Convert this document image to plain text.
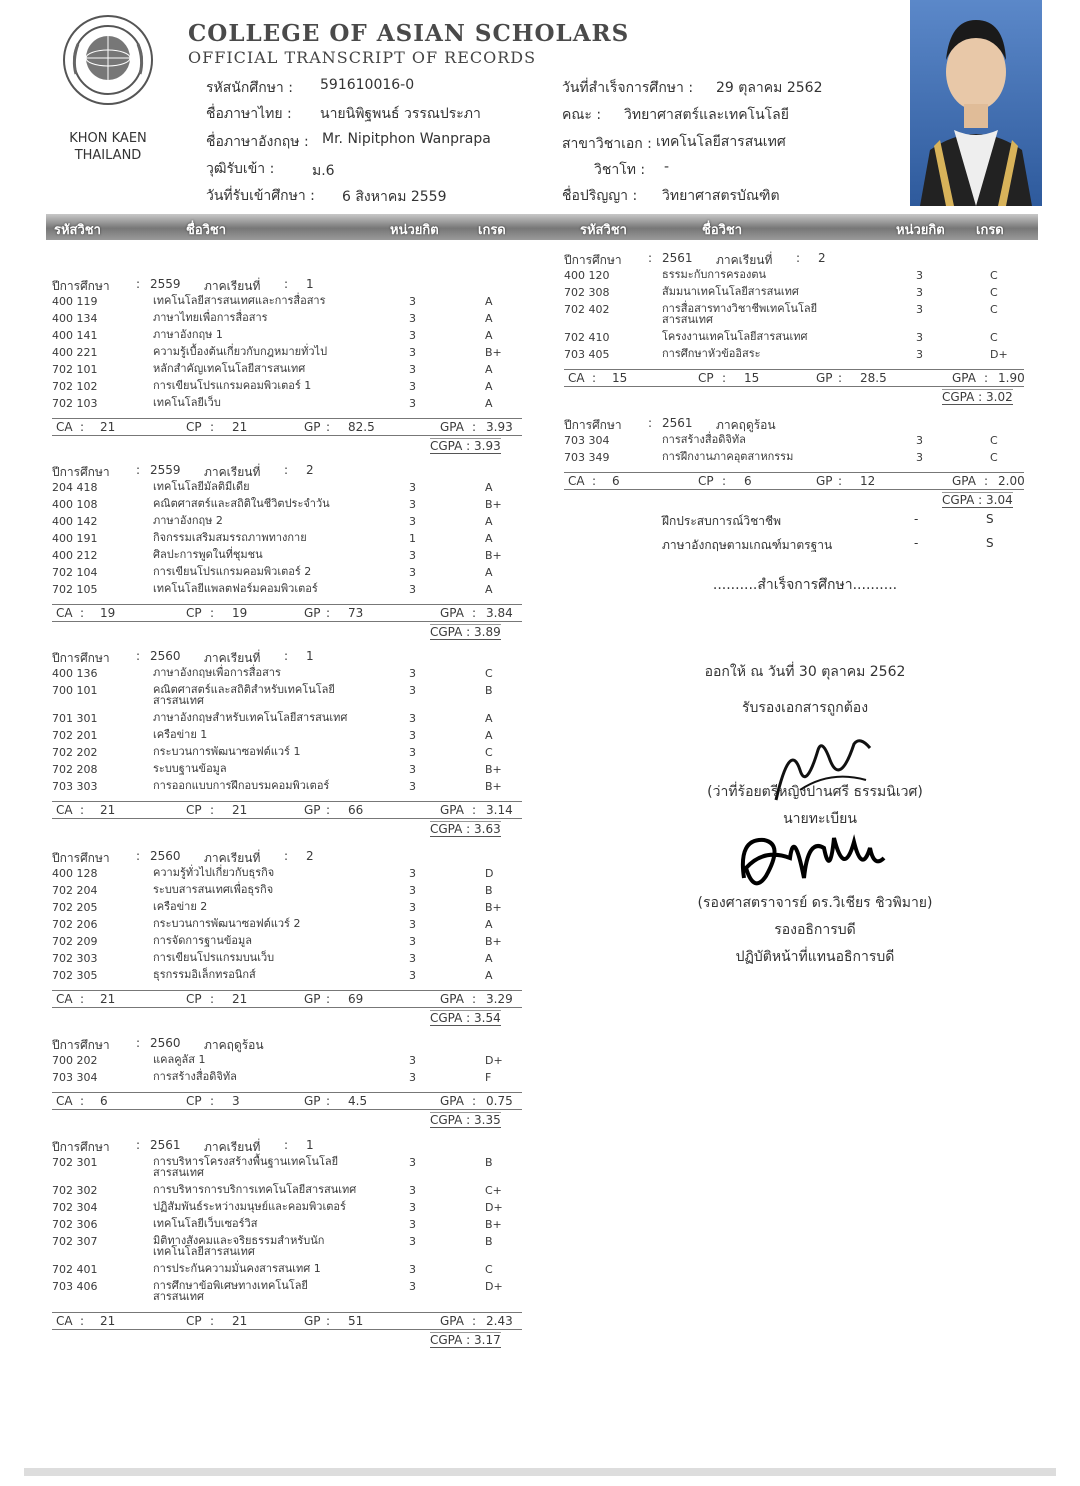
KHON KAEN
THAILAND
COLLEGE OF ASIAN SCHOLARS
OFFICIAL TRANSCRIPT OF RECORDS
รหัสนักศึกษา : 591610016-0
ชื่อภาษาไทย : นายนิพิฐพนธ์ วรรณประภา
ชื่อภาษาอังกฤษ : Mr. Nipitphon Wanprapa
วุฒิรับเข้า :	ม.6
วันที่รับเข้าศึกษา : 6 สิงหาคม 2559
วันที่สำเร็จการศึกษา : 29 ตุลาคม 2562
คณะ : วิทยาศาสตร์และเทคโนโลยี
สาขาวิชาเอก : เทคโนโลยีสารสนเทศ
วิชาโท : -
ชื่อปริญญา : วิทยาศาสตรบัณฑิต
รหัสวิชา	ชื่อวิชา	หน่วยกิต	เกรด	รหัสวิชา	ชื่อวิชา	หน่วยกิต เกรด
ปีการศึกษา : 2559 ภาคเรียนที่ : 1
400 119	เทคโนโลยีสารสนเทศและการสื่อสาร	3	A
400 134	ภาษาไทยเพื่อการสื่อสาร	3	A
400 141	ภาษาอังกฤษ 1	3	A
400 221	ความรู้เบื้องต้นเกี่ยวกับกฎหมายทั่วไป	3	B+
702 101	หลักสำคัญเทคโนโลยีสารสนเทศ	3	A
702 102	การเขียนโปรแกรมคอมพิวเตอร์ 1	3	A
702 103	เทคโนโลยีเว็บ	3	A
CA : 21	CP : 21	GP : 82.5	GPA : 3.93
CGPA : 3.93
ปีการศึกษา : 2559 ภาคเรียนที่ : 2
204 418	เทคโนโลยีมัลติมีเดีย	3	A
400 108	คณิตศาสตร์และสถิติในชีวิตประจำวัน	3	B+
400 142	ภาษาอังกฤษ 2	3	A
400 191	กิจกรรมเสริมสมรรถภาพทางกาย	1	A
400 212	ศิลปะการพูดในที่ชุมชน	3	B+
702 104	การเขียนโปรแกรมคอมพิวเตอร์ 2	3	A
702 105	เทคโนโลยีแพลตฟอร์มคอมพิวเตอร์	3	A
CA : 19	CP : 19	GP : 73	GPA : 3.84
CGPA : 3.89
ปีการศึกษา : 2560 ภาคเรียนที่ : 1
400 136	ภาษาอังกฤษเพื่อการสื่อสาร	3	C
700 101	คณิตศาสตร์และสถิติสำหรับเทคโนโลยี	3	B
สารสนเทศ
701 301	ภาษาอังกฤษสำหรับเทคโนโลยีสารสนเทศ	3	A
702 201	เครือข่าย 1	3	A
702 202	กระบวนการพัฒนาซอฟต์แวร์ 1	3	C
702 208	ระบบฐานข้อมูล	3	B+
703 303	การออกแบบการฝึกอบรมคอมพิวเตอร์	3	B+
CA : 21	CP : 21	GP : 66	GPA : 3.14
CGPA : 3.63
ปีการศึกษา : 2560 ภาคเรียนที่ : 2
400 128	ความรู้ทั่วไปเกี่ยวกับธุรกิจ	3	D
702 204	ระบบสารสนเทศเพื่อธุรกิจ	3	B
702 205	เครือข่าย 2	3	B+
702 206	กระบวนการพัฒนาซอฟต์แวร์ 2	3	A
702 209	การจัดการฐานข้อมูล	3	B+
702 303	การเขียนโปรแกรมบนเว็บ	3	A
702 305	ธุรกรรมอิเล็กทรอนิกส์	3	A
CA : 21	CP : 21	GP : 69	GPA : 3.29
CGPA : 3.54
ปีการศึกษา : 2560 ภาคฤดูร้อน
700 202	แคลคูลัส 1	3	D+
703 304	การสร้างสื่อดิจิทัล	3	F
CA : 6	CP : 3	GP : 4.5	GPA : 0.75
CGPA : 3.35
ปีการศึกษา : 2561 ภาคเรียนที่ : 1
702 301	การบริหารโครงสร้างพื้นฐานเทคโนโลยี	3	B
สารสนเทศ
702 302	การบริหารการบริการเทคโนโลยีสารสนเทศ	3	C+
702 304	ปฏิสัมพันธ์ระหว่างมนุษย์และคอมพิวเตอร์	3	D+
702 306	เทคโนโลยีเว็บเซอร์วิส	3	B+
702 307	มิติทางสังคมและจริยธรรมสำหรับนัก	3	B
เทคโนโลยีสารสนเทศ
702 401	การประกันความมั่นคงสารสนเทศ 1	3	C
703 406	การศึกษาข้อพิเศษทางเทคโนโลยี	3	D+
สารสนเทศ
CA : 21	CP : 21	GP : 51	GPA : 2.43
CGPA : 3.17
ปีการศึกษา : 2561 ภาคเรียนที่ : 2
400 120	ธรรมะกับการครองตน	3	C
702 308	สัมมนาเทคโนโลยีสารสนเทศ	3	C
702 402	การสื่อสารทางวิชาชีพเทคโนโลยี	3	C
สารสนเทศ
702 410	โครงงานเทคโนโลยีสารสนเทศ	3	C
703 405	การศึกษาหัวข้ออิสระ	3	D+
CA : 15	CP : 15	GP : 28.5	GPA : 1.90
CGPA : 3.02
ปีการศึกษา : 2561 ภาคฤดูร้อน
703 304	การสร้างสื่อดิจิทัล	3	C
703 349	การฝึกงานภาคอุตสาหกรรม	3	C
CA : 6	CP : 6	GP : 12	GPA : 2.00
CGPA : 3.04
ฝึกประสบการณ์วิชาชีพ	-	S
ภาษาอังกฤษตามเกณฑ์มาตรฐาน	-	S
..........สำเร็จการศึกษา..........
ออกให้ ณ วันที่ 30 ตุลาคม 2562
รับรองเอกสารถูกต้อง
(ว่าที่ร้อยตรีหญิงปานศรี ธรรมนิเวศ)
นายทะเบียน
(รองศาสตราจารย์ ดร.วิเชียร ชิวพิมาย)
รองอธิการบดี
ปฏิบัติหน้าที่แทนอธิการบดี
